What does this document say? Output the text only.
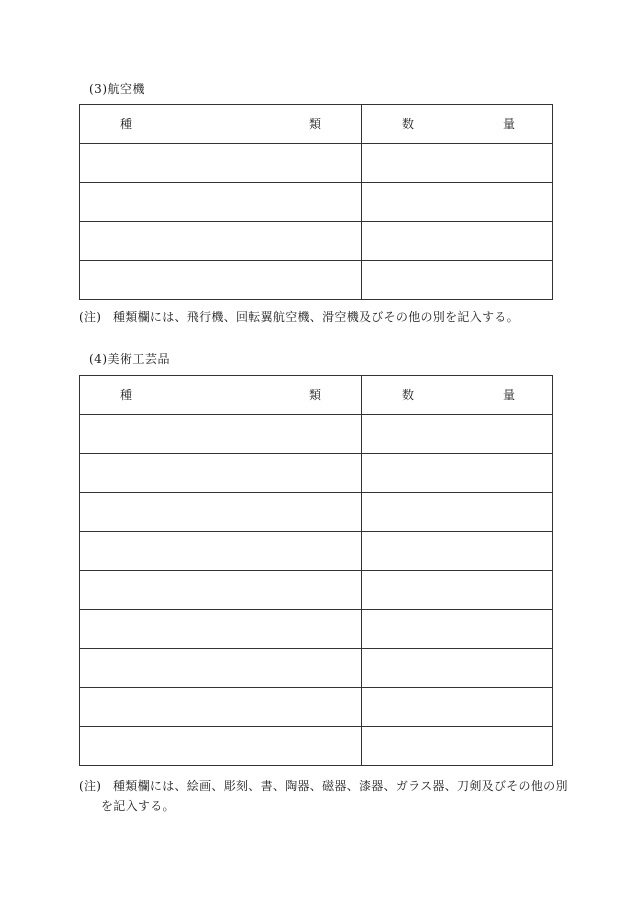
(3)航空機
種 類	数 量

(注) 種類欄には、飛行機、回転翼航空機、滑空機及びその他の別を記入する。
(4)美術工芸品
種 類	数 量

(注) 種類欄には、絵画、彫刻、書、陶器、磁器、漆器、ガラス器、刀剣及びその他の別
を記入する。
